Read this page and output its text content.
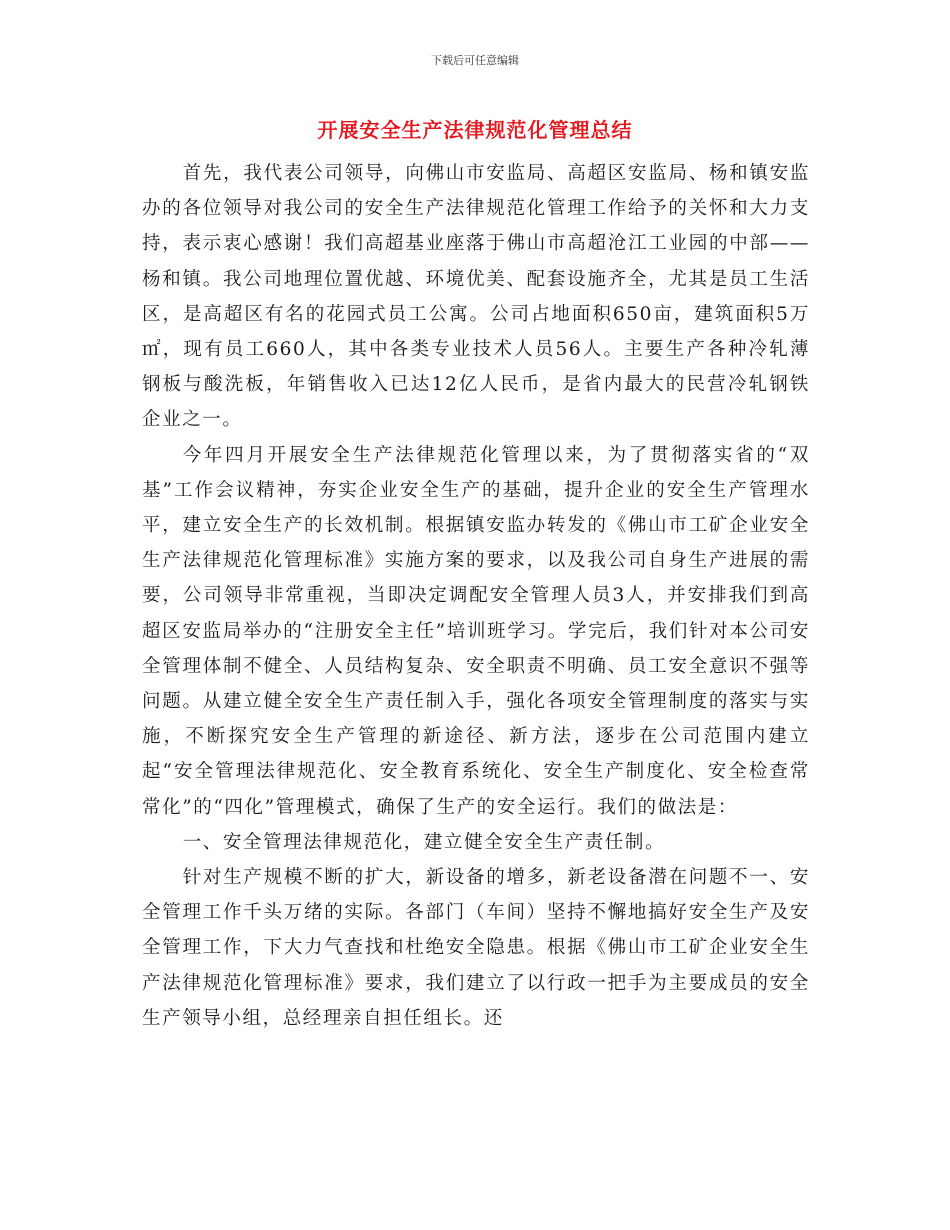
下载后可任意编辑
开展安全生产法律规范化管理总结

首先，我代表公司领导，向佛山市安监局、高超区安监局、杨和镇安监办的各位领导对我公司的安全生产法律规范化管理工作给予的关怀和大力支持，表示衷心感谢！我们高超基业座落于佛山市高超沧江工业园的中部——杨和镇。我公司地理位置优越、环境优美、配套设施齐全，尤其是员工生活区，是高超区有名的花园式员工公寓。公司占地面积650亩，建筑面积5万㎡，现有员工660人，其中各类专业技术人员56人。主要生产各种冷轧薄钢板与酸洗板，年销售收入已达12亿人民币，是省内最大的民营冷轧钢铁企业之一。

今年四月开展安全生产法律规范化管理以来，为了贯彻落实省的“双基”工作会议精神，夯实企业安全生产的基础，提升企业的安全生产管理水平，建立安全生产的长效机制。根据镇安监办转发的《佛山市工矿企业安全生产法律规范化管理标准》实施方案的要求，以及我公司自身生产进展的需要，公司领导非常重视，当即决定调配安全管理人员3人，并安排我们到高超区安监局举办的“注册安全主任”培训班学习。学完后，我们针对本公司安全管理体制不健全、人员结构复杂、安全职责不明确、员工安全意识不强等问题。从建立健全安全生产责任制入手，强化各项安全管理制度的落实与实施，不断探究安全生产管理的新途径、新方法，逐步在公司范围内建立起“安全管理法律规范化、安全教育系统化、安全生产制度化、安全检查常常化”的“四化”管理模式，确保了生产的安全运行。我们的做法是：

一、安全管理法律规范化，建立健全安全生产责任制。

针对生产规模不断的扩大，新设备的增多，新老设备潜在问题不一、安全管理工作千头万绪的实际。各部门（车间）坚持不懈地搞好安全生产及安全管理工作，下大力气查找和杜绝安全隐患。根据《佛山市工矿企业安全生产法律规范化管理标准》要求，我们建立了以行政一把手为主要成员的安全生产领导小组，总经理亲自担任组长。还
